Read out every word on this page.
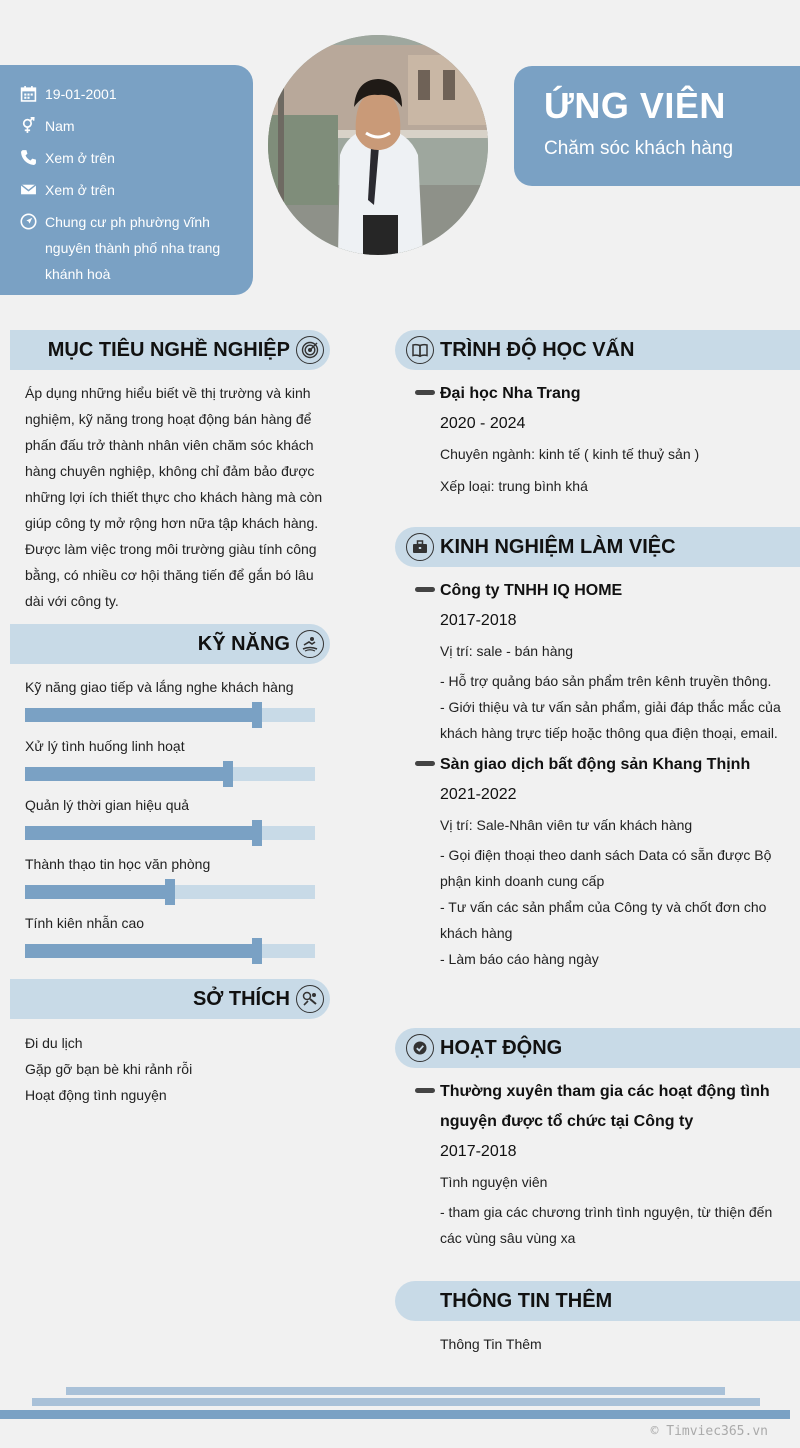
19-01-2001
Nam
Xem ở trên
Xem ở trên
Chung cư ph phường vĩnh nguyên thành phố nha trang khánh hoà
ỨNG VIÊN
Chăm sóc khách hàng
MỤC TIÊU NGHỀ NGHIỆP
Áp dụng những hiểu biết về thị trường và kinh nghiệm, kỹ năng trong hoạt động bán hàng để phấn đấu trở thành nhân viên chăm sóc khách hàng chuyên nghiệp, không chỉ đảm bảo được những lợi ích thiết thực cho khách hàng mà còn giúp công ty mở rộng hơn nữa tập khách hàng. Được làm việc trong môi trường giàu tính công bằng, có nhiều cơ hội thăng tiến để gắn bó lâu dài với công ty.
KỸ NĂNG
Kỹ năng giao tiếp và lắng nghe khách hàng
Xử lý tình huống linh hoạt
Quản lý thời gian hiệu quả
Thành thạo tin học văn phòng
Tính kiên nhẫn cao
SỞ THÍCH
Đi du lịch
Gặp gỡ bạn bè khi rảnh rỗi
Hoạt động tình nguyện
TRÌNH ĐỘ HỌC VẤN
Đại học Nha Trang
2020 - 2024
Chuyên ngành: kinh tế ( kinh tế thuỷ sản )
Xếp loại: trung bình khá
KINH NGHIỆM LÀM VIỆC
Công ty TNHH IQ HOME
2017-2018
Vị trí: sale - bán hàng
- Hỗ trợ quảng báo sản phẩm trên kênh truyền thông.
- Giới thiệu và tư vấn sản phẩm, giải đáp thắc mắc của khách hàng trực tiếp hoặc thông qua điện thoại, email.
Sàn giao dịch bất động sản Khang Thịnh
2021-2022
Vị trí: Sale-Nhân viên tư vấn khách hàng
- Gọi điện thoại theo danh sách Data có sẵn được Bộ phận kinh doanh cung cấp
- Tư vấn các sản phẩm của Công ty và chốt đơn cho khách hàng
- Làm báo cáo hàng ngày
HOẠT ĐỘNG
Thường xuyên tham gia các hoạt động tình nguyện được tổ chức tại Công ty
2017-2018
Tình nguyện viên
- tham gia các chương trình tình nguyện, từ thiện đến các vùng sâu vùng xa
THÔNG TIN THÊM
Thông Tin Thêm
© Timviec365.vn
